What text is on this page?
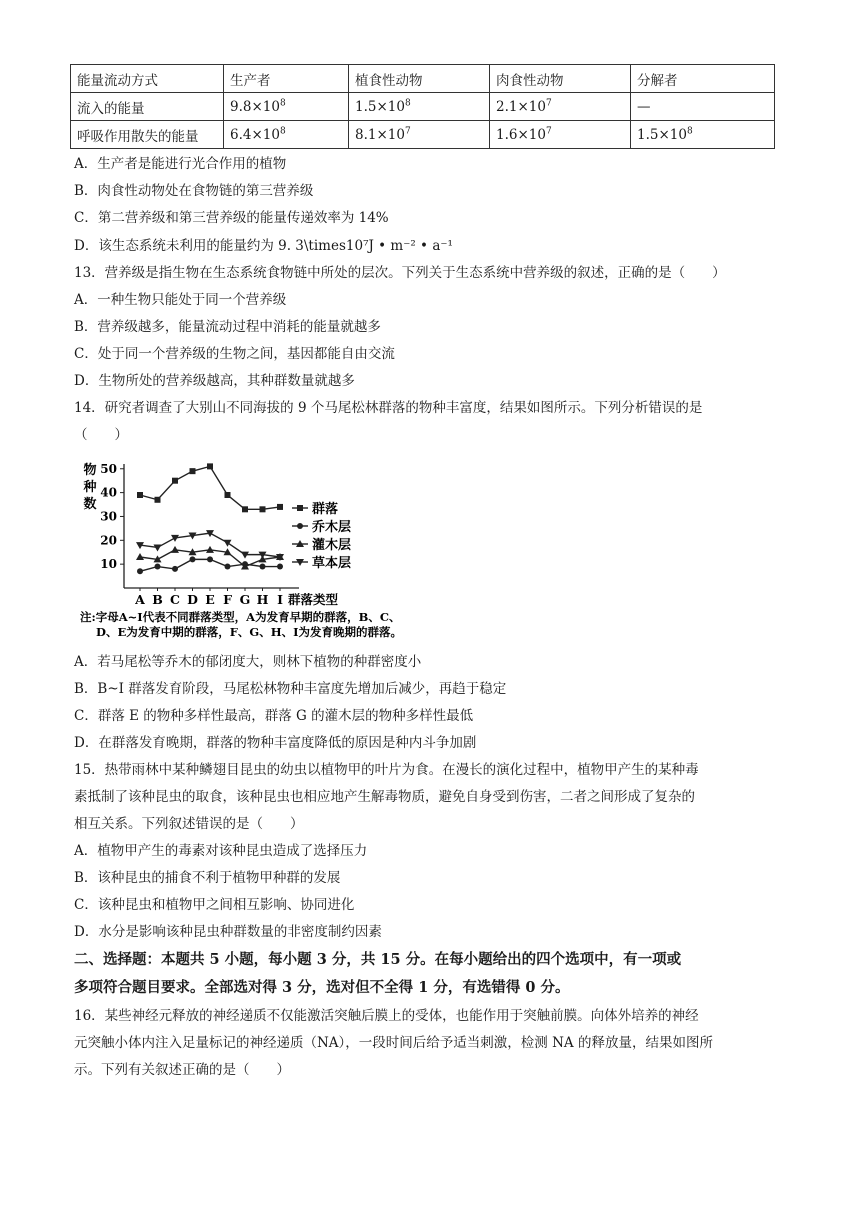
能量流动方式	生产者	植食性动物	肉食性动物	分解者
流入的能量	$9.8\times 10^8$	$1.5\times 10^8$	$2.1\times 10^7$	—
呼吸作用散失的能量	$6.4\times 10^8$	$8.1\times 10^7$	$1.6\times 10^7$	$1.5\times 10^8$
A．生产者是能进行光合作用的植物
B．肉食性动物处在食物链的第三营养级
C．第二营养级和第三营养级的能量传递效率为 14%
D．该生态系统未利用的能量约为 9. 3\times10⁷J • m⁻² • a⁻¹
13．营养级是指生物在生态系统食物链中所处的层次。下列关于生态系统中营养级的叙述，正确的是（　　）
A．一种生物只能处于同一个营养级
B．营养级越多，能量流动过程中消耗的能量就越多
C．处于同一个营养级的生物之间，基因都能自由交流
D．生物所处的营养级越高，其种群数量就越多
14．研究者调查了大别山不同海拔的 9 个马尾松林群落的物种丰富度，结果如图所示。下列分析错误的是
（　　）
物
种
数
10
20
30
40
50
A B C D E F G H I 群落类型
群落
乔木层
灌木层
草本层
注:字母A~I代表不同群落类型，A为发育早期的群落，B、C、
D、E为发育中期的群落，F、G、H、I为发育晚期的群落。
A．若马尾松等乔木的郁闭度大，则林下植物的种群密度小
B．B~I 群落发育阶段，马尾松林物种丰富度先增加后减少，再趋于稳定
C．群落 E 的物种多样性最高，群落 G 的灌木层的物种多样性最低
D．在群落发育晚期，群落的物种丰富度降低的原因是种内斗争加剧
15．热带雨林中某种鳞翅目昆虫的幼虫以植物甲的叶片为食。在漫长的演化过程中，植物甲产生的某种毒
素抵制了该种昆虫的取食，该种昆虫也相应地产生解毒物质，避免自身受到伤害，二者之间形成了复杂的
相互关系。下列叙述错误的是（　　）
A．植物甲产生的毒素对该种昆虫造成了选择压力
B．该种昆虫的捕食不利于植物甲种群的发展
C．该种昆虫和植物甲之间相互影响、协同进化
D．水分是影响该种昆虫种群数量的非密度制约因素
二、选择题：本题共 5 小题，每小题 3 分，共 15 分。在每小题给出的四个选项中，有一项或
多项符合题目要求。全部选对得 3 分，选对但不全得 1 分，有选错得 0 分。
16．某些神经元释放的神经递质不仅能激活突触后膜上的受体，也能作用于突触前膜。向体外培养的神经
元突触小体内注入足量标记的神经递质（NA），一段时间后给予适当刺激，检测 NA 的释放量，结果如图所
示。下列有关叙述正确的是（　　）
